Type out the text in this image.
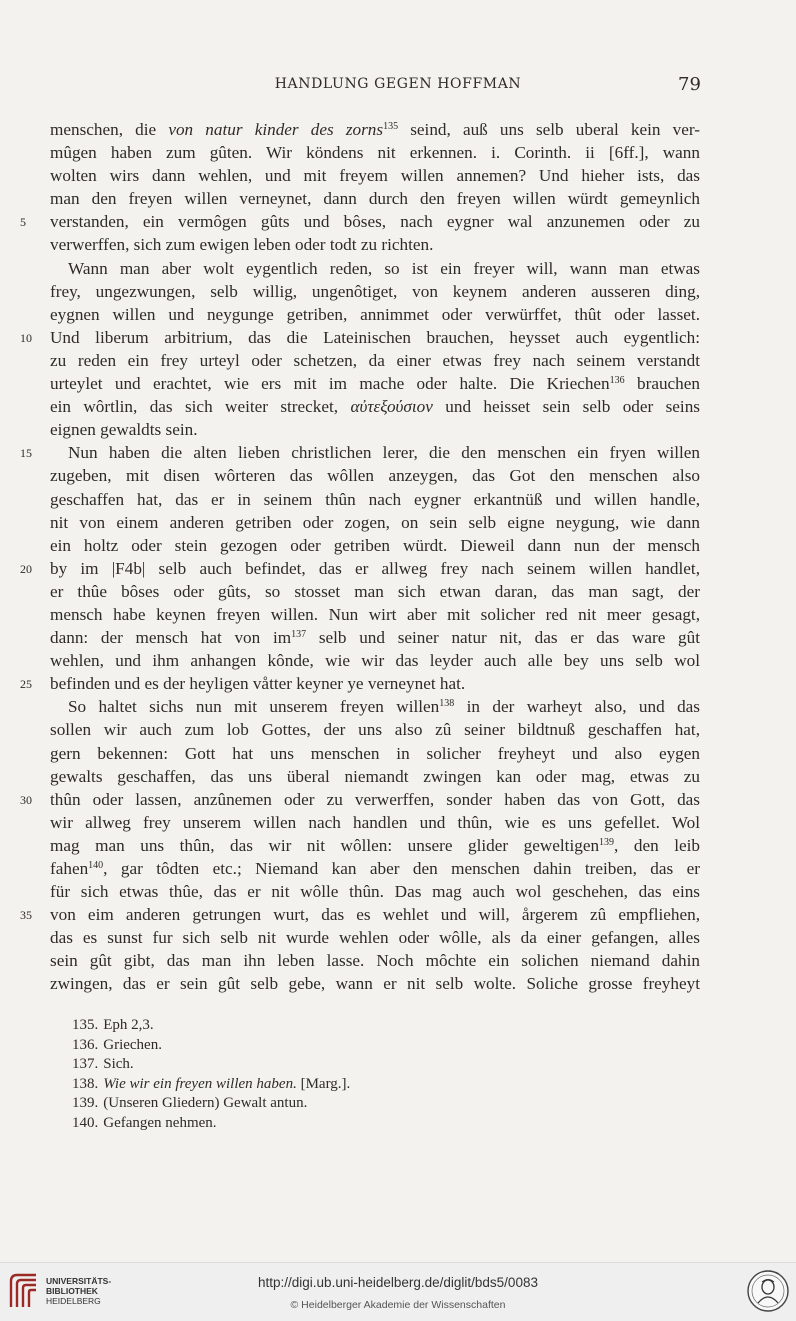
HANDLUNG GEGEN HOFFMAN	79
menschen, die von natur kinder des zorns$^{135}$ seind, auß uns selb uberal kein ver-
mûgen haben zum gûten. Wir köndens nit erkennen. i. Corinth. ii [6ff.], wann
wolten wirs dann wehlen, und mit freyem willen annemen? Und hieher ists, das
man den freyen willen verneynet, dann durch den freyen willen würdt gemeynlich
5	verstanden, ein vermôgen gûts und bôses, nach eygner wal anzunemen oder zu
verwerffen, sich zum ewigen leben oder todt zu richten.
Wann man aber wolt eygentlich reden, so ist ein freyer will, wann man etwas
frey, ungezwungen, selb willig, ungenôtiget, von keynem anderen ausseren ding,
eygnen willen und neygunge getriben, annimmet oder verwürffet, thût oder lasset.
10	Und liberum arbitrium, das die Lateinischen brauchen, heysset auch eygentlich:
zu reden ein frey urteyl oder schetzen, da einer etwas frey nach seinem verstandt
urteylet und erachtet, wie ers mit im mache oder halte. Die Kriechen$^{136}$ brauchen
ein wôrtlin, das sich weiter strecket, αὐτεξούσιον und heisset sein selb oder seins
eignen gewaldts sein.
15	Nun haben die alten lieben christlichen lerer, die den menschen ein fryen willen
zugeben, mit disen wôrteren das wôllen anzeygen, das Got den menschen also
geschaffen hat, das er in seinem thûn nach eygner erkantnüß und willen handle,
nit von einem anderen getriben oder zogen, on sein selb eigne neygung, wie dann
ein holtz oder stein gezogen oder getriben würdt. Dieweil dann nun der mensch
20	by im |F4b| selb auch befindet, das er allweg frey nach seinem willen handlet,
er thûe bôses oder gûts, so stosset man sich etwan daran, das man sagt, der
mensch habe keynen freyen willen. Nun wirt aber mit solicher red nit meer gesagt,
dann: der mensch hat von $im^{137}$ selb und seiner natur nit, das er das ware gût
wehlen, und ihm anhangen kônde, wie wir das leyder auch alle bey uns selb wol
25	befinden und es der heyligen våtter keyner ye verneynet hat.
So haltet sichs nun mit unserem freyen willen$^{138}$ in der warheyt also, und das
sollen wir auch zum lob Gottes, der uns also zû seiner bildtnuß geschaffen hat,
gern bekennen: Gott hat uns menschen in solicher freyheyt und also eygen
gewalts geschaffen, das uns überal niemandt zwingen kan oder mag, etwas zu
30	thûn oder lassen, anzûnemen oder zu verwerffen, sonder haben das von Gott, das
wir allweg frey unserem willen nach handlen und thûn, wie es uns gefellet. Wol
mag man uns thûn, das wir nit wôllen: unsere glider geweltigen$^{139}$, den leib
fahen$^{140}$, gar tôdten etc.; Niemand kan aber den menschen dahin treiben, das er
für sich etwas thûe, das er nit wôlle thûn. Das mag auch wol geschehen, das eins
35	von eim anderen getrungen wurt, das es wehlet und will, årgerem zû empfliehen,
das es sunst fur sich selb nit wurde wehlen oder wôlle, als da einer gefangen, alles
sein gût gibt, das man ihn leben lasse. Noch môchte ein solichen niemand dahin
zwingen, das er sein gût selb gebe, wann er nit selb wolte. Soliche grosse freyheyt
135. Eph 2,3.
136. Griechen.
137. Sich.
138. Wie wir ein freyen willen haben. [Marg.].
139. (Unseren Gliedern) Gewalt antun.
140. Gefangen nehmen.
UNIVERSITÄTS-
BIBLIOTHEK
HEIDELBERG
http://digi.ub.uni-heidelberg.de/diglit/bds5/0083
© Heidelberger Akademie der Wissenschaften
